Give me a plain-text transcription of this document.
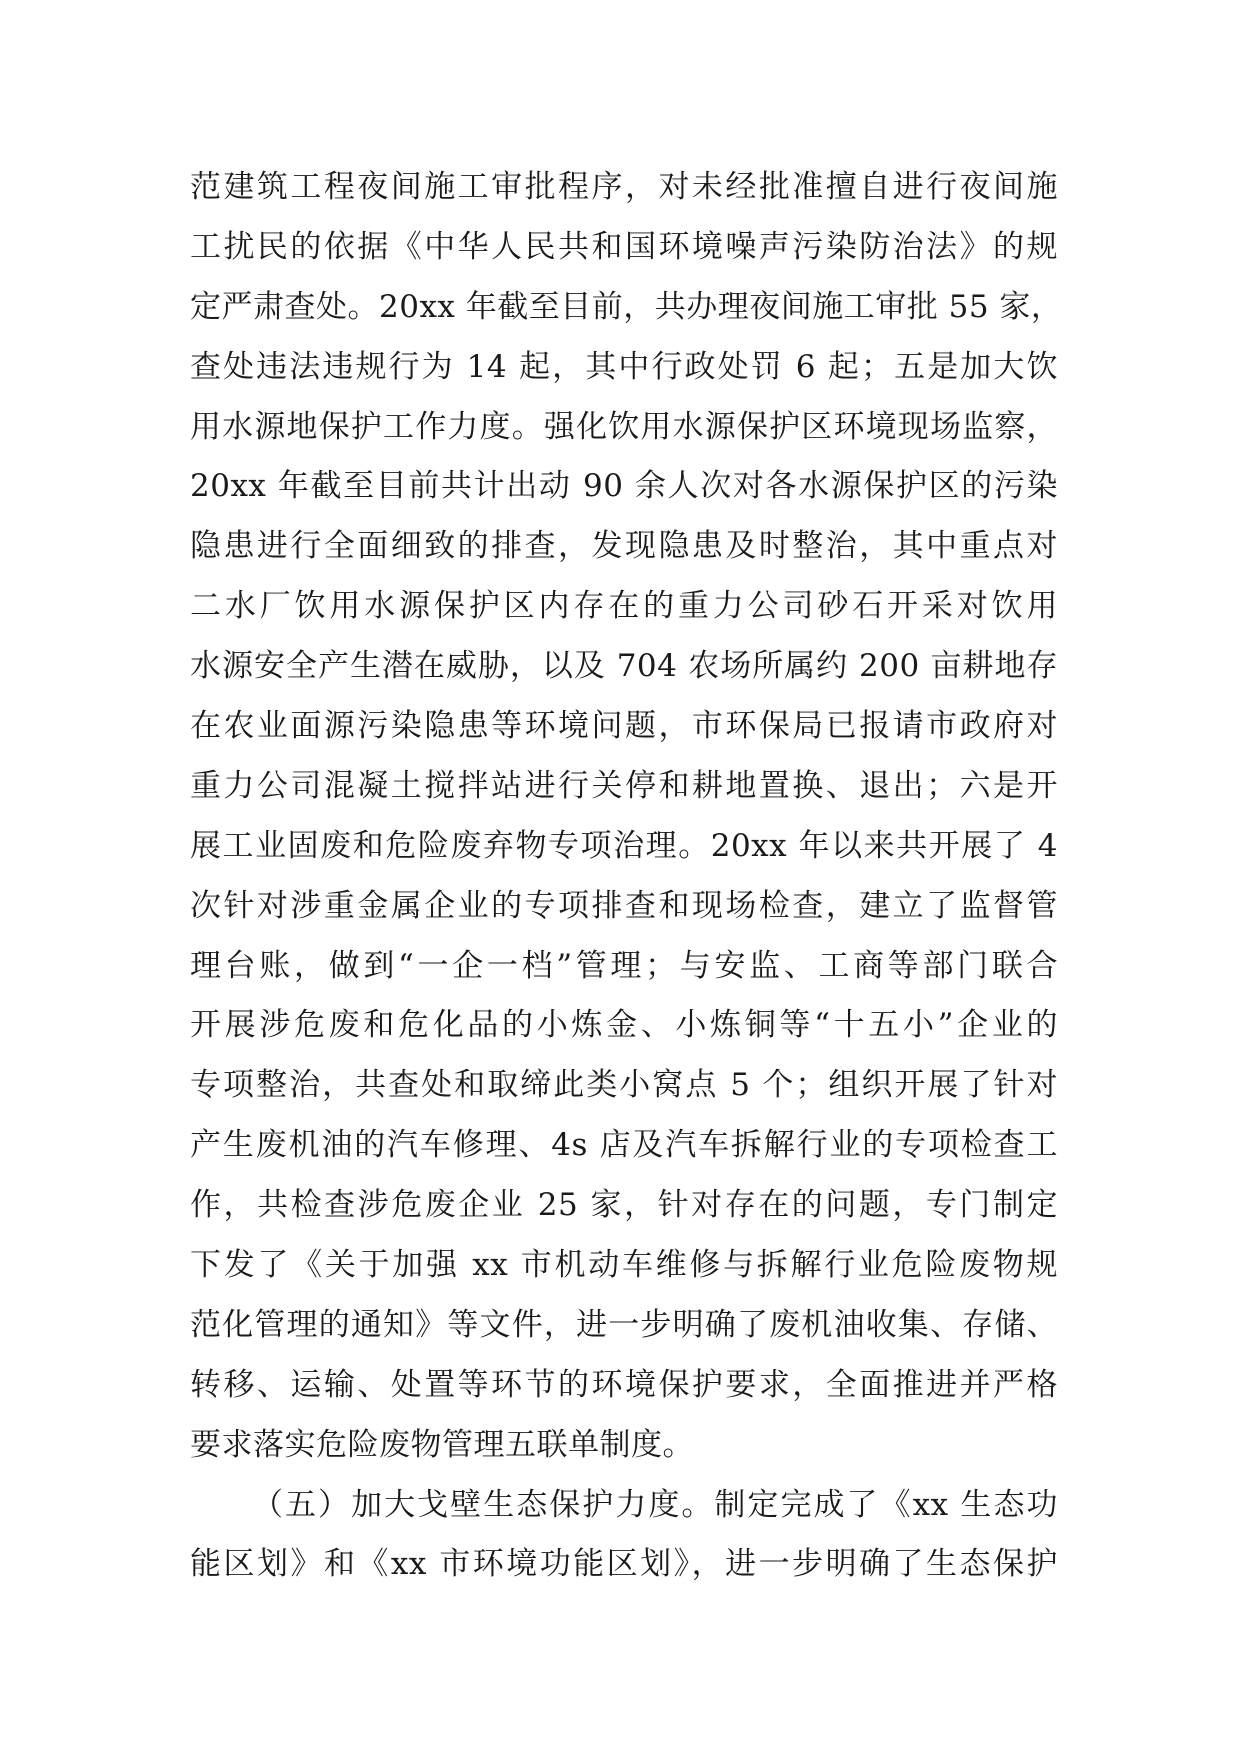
范建筑工程夜间施工审批程序，对未经批准擅自进行夜间施
工扰民的依据《中华人民共和国环境噪声污染防治法》的规
定严肃查处。20xx 年截至目前，共办理夜间施工审批 55 家，
查处违法违规行为 14 起，其中行政处罚 6 起；五是加大饮
用水源地保护工作力度。强化饮用水源保护区环境现场监察，
20xx 年截至目前共计出动 90 余人次对各水源保护区的污染
隐患进行全面细致的排查，发现隐患及时整治，其中重点对
二水厂饮用水源保护区内存在的重力公司砂石开采对饮用
水源安全产生潜在威胁，以及 704 农场所属约 200 亩耕地存
在农业面源污染隐患等环境问题，市环保局已报请市政府对
重力公司混凝土搅拌站进行关停和耕地置换、退出；六是开
展工业固废和危险废弃物专项治理。20xx 年以来共开展了 4
次针对涉重金属企业的专项排查和现场检查，建立了监督管
理台账，做到“一企一档”管理；与安监、工商等部门联合
开展涉危废和危化品的小炼金、小炼铜等“十五小”企业的
专项整治，共查处和取缔此类小窝点 5 个；组织开展了针对
产生废机油的汽车修理、4s 店及汽车拆解行业的专项检查工
作，共检查涉危废企业 25 家，针对存在的问题，专门制定
下发了《关于加强 xx 市机动车维修与拆解行业危险废物规
范化管理的通知》等文件，进一步明确了废机油收集、存储、
转移、运输、处置等环节的环境保护要求，全面推进并严格
要求落实危险废物管理五联单制度。
（五）加大戈壁生态保护力度。制定完成了《xx 生态功
能区划》和《xx 市环境功能区划》，进一步明确了生态保护
